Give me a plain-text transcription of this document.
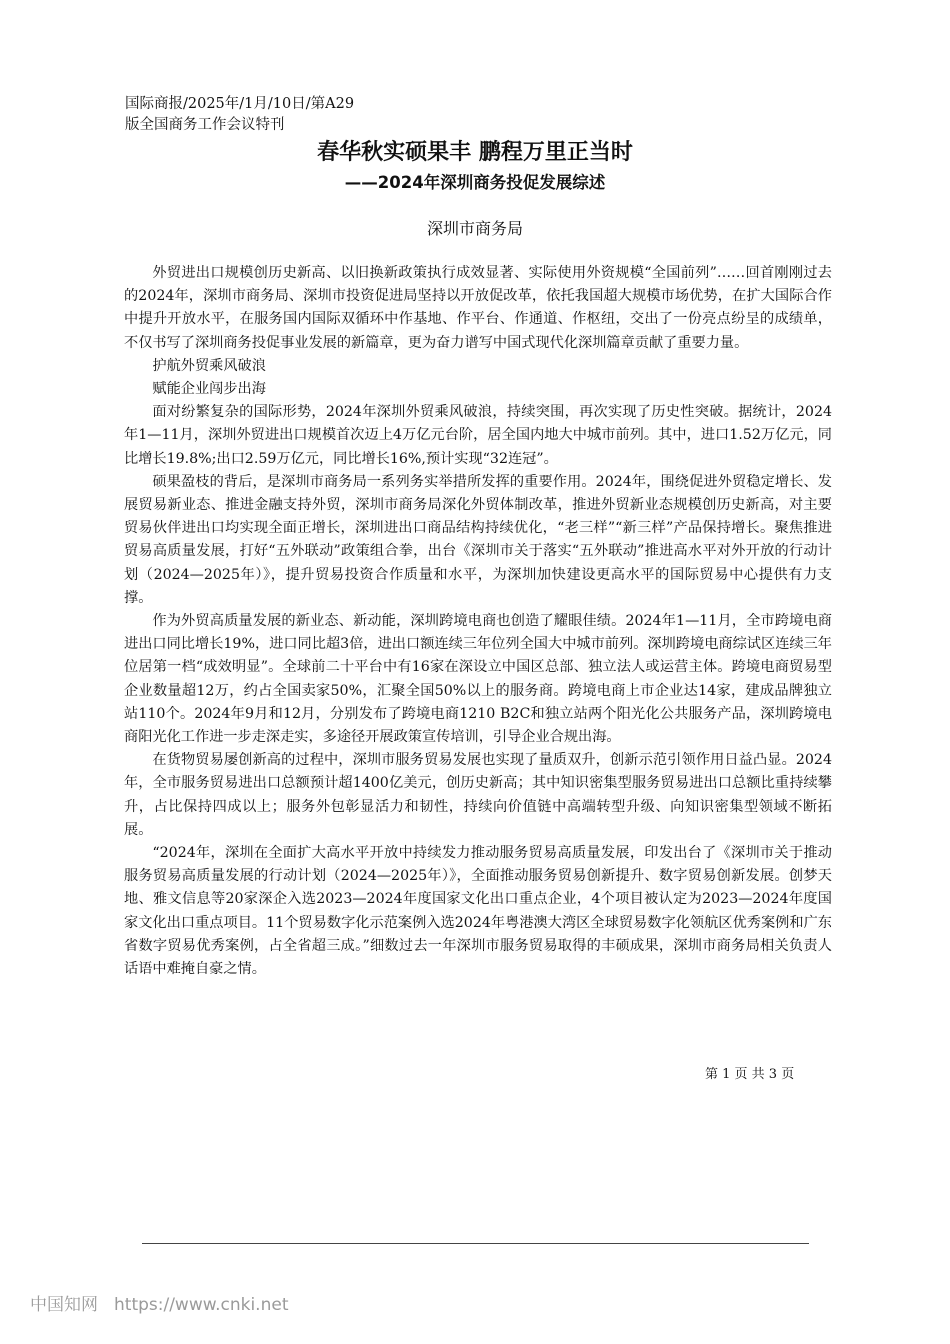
国际商报/2025年/1月/10日/第A29
版全国商务工作会议特刊
春华秋实硕果丰 鹏程万里正当时
——2024年深圳商务投促发展综述
深圳市商务局

外贸进出口规模创历史新高、以旧换新政策执行成效显著、实际使用外资规模“全国前列”……回首刚刚过去的2024年，深圳市商务局、深圳市投资促进局坚持以开放促改革，依托我国超大规模市场优势，在扩大国际合作中提升开放水平，在服务国内国际双循环中作基地、作平台、作通道、作枢纽，交出了一份亮点纷呈的成绩单，不仅书写了深圳商务投促事业发展的新篇章，更为奋力谱写中国式现代化深圳篇章贡献了重要力量。

护航外贸乘风破浪

赋能企业闯步出海

面对纷繁复杂的国际形势，2024年深圳外贸乘风破浪，持续突围，再次实现了历史性突破。据统计，2024年1—11月，深圳外贸进出口规模首次迈上4万亿元台阶，居全国内地大中城市前列。其中，进口1.52万亿元，同比增长19.8%;出口2.59万亿元，同比增长16%,预计实现“32连冠”。

硕果盈枝的背后，是深圳市商务局一系列务实举措所发挥的重要作用。2024年，围绕促进外贸稳定增长、发展贸易新业态、推进金融支持外贸，深圳市商务局深化外贸体制改革，推进外贸新业态规模创历史新高，对主要贸易伙伴进出口均实现全面正增长，深圳进出口商品结构持续优化，“老三样”“新三样”产品保持增长。聚焦推进贸易高质量发展，打好“五外联动”政策组合拳，出台《深圳市关于落实“五外联动”推进高水平对外开放的行动计划（2024—2025年）》，提升贸易投资合作质量和水平，为深圳加快建设更高水平的国际贸易中心提供有力支撑。

作为外贸高质量发展的新业态、新动能，深圳跨境电商也创造了耀眼佳绩。2024年1—11月，全市跨境电商进出口同比增长19%，进口同比超3倍，进出口额连续三年位列全国大中城市前列。深圳跨境电商综试区连续三年位居第一档“成效明显”。全球前二十平台中有16家在深设立中国区总部、独立法人或运营主体。跨境电商贸易型企业数量超12万，约占全国卖家50%，汇聚全国50%以上的服务商。跨境电商上市企业达14家，建成品牌独立站110个。2024年9月和12月，分别发布了跨境电商1210 B2C和独立站两个阳光化公共服务产品，深圳跨境电商阳光化工作进一步走深走实，多途径开展政策宣传培训，引导企业合规出海。

在货物贸易屡创新高的过程中，深圳市服务贸易发展也实现了量质双升，创新示范引领作用日益凸显。2024年，全市服务贸易进出口总额预计超1400亿美元，创历史新高；其中知识密集型服务贸易进出口总额比重持续攀升，占比保持四成以上；服务外包彰显活力和韧性，持续向价值链中高端转型升级、向知识密集型领域不断拓展。

“2024年，深圳在全面扩大高水平开放中持续发力推动服务贸易高质量发展，印发出台了《深圳市关于推动服务贸易高质量发展的行动计划（2024—2025年）》，全面推动服务贸易创新提升、数字贸易创新发展。创梦天地、雅文信息等20家深企入选2023—2024年度国家文化出口重点企业，4个项目被认定为2023—2024年度国家文化出口重点项目。11个贸易数字化示范案例入选2024年粤港澳大湾区全球贸易数字化领航区优秀案例和广东省数字贸易优秀案例，占全省超三成。”细数过去一年深圳市服务贸易取得的丰硕成果，深圳市商务局相关负责人话语中难掩自豪之情。

第 1 页 共 3 页
中国知网 https://www.cnki.net
